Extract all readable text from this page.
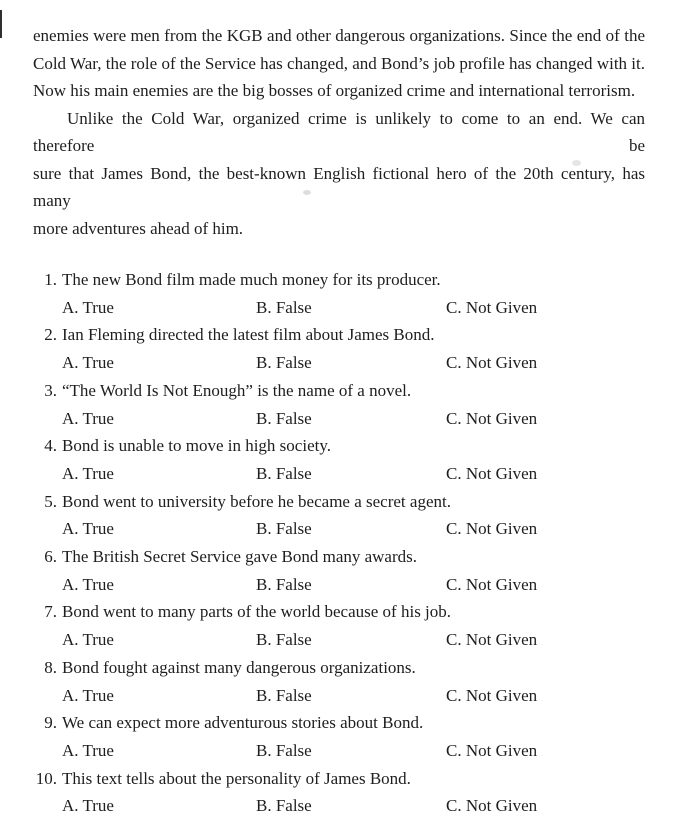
enemies were men from the KGB and other dangerous organizations. Since the end of the
Cold War, the role of the Service has changed, and Bond’s job profile has changed with it.
Now his main enemies are the big bosses of organized crime and international terrorism.
Unlike the Cold War, organized crime is unlikely to come to an end. We can therefore be
sure that James Bond, the best-known English fictional hero of the 20th century, has many
more adventures ahead of him.
1. The new Bond film made much money for its producer.
A. True	B. False	C. Not Given
2. Ian Fleming directed the latest film about James Bond.
A. True	B. False	C. Not Given
3. “The World Is Not Enough” is the name of a novel.
A. True	B. False	C. Not Given
4. Bond is unable to move in high society.
A. True	B. False	C. Not Given
5. Bond went to university before he became a secret agent.
A. True	B. False	C. Not Given
6. The British Secret Service gave Bond many awards.
A. True	B. False	C. Not Given
7. Bond went to many parts of the world because of his job.
A. True	B. False	C. Not Given
8. Bond fought against many dangerous organizations.
A. True	B. False	C. Not Given
9. We can expect more adventurous stories about Bond.
A. True	B. False	C. Not Given
10. This text tells about the personality of James Bond.
A. True	B. False	C. Not Given
